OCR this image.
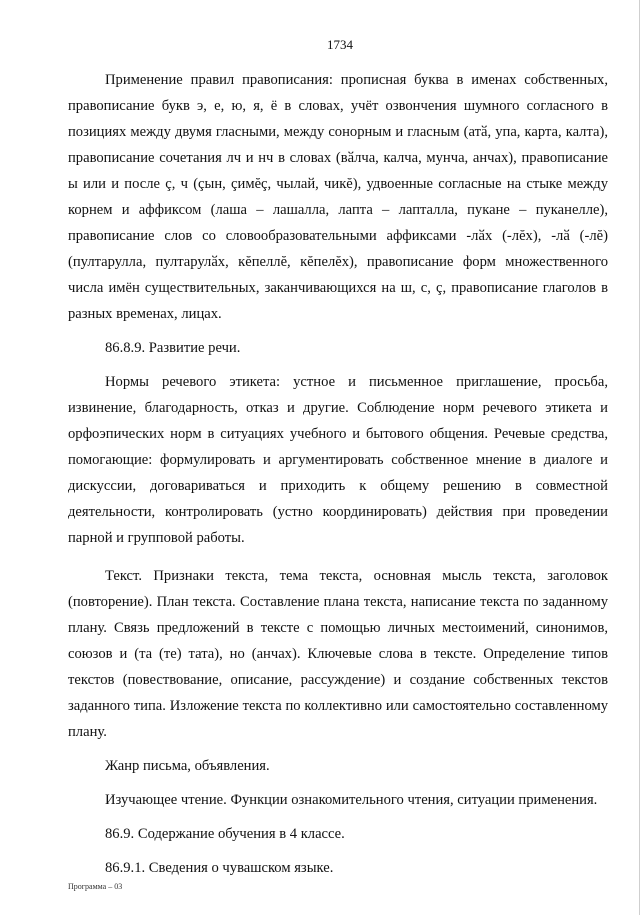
1734

Применение правил правописания: прописная буква в именах собственных, правописание букв э, е, ю, я, ё в словах, учёт озвончения шумного согласного в позициях между двумя гласными, между сонорным и гласным (атӑ, упа, карта, калта), правописание сочетания лч и нч в словах (вӑлча, калча, мунча, анчах), правописание ы или и после ç, ч (çын, çимĕç, чылай, чикĕ), удвоенные согласные на стыке между корнем и аффиксом (лаша – лашалла, лапта – лапталла, пукане – пуканелле), правописание слов со словообразовательными аффиксами -лӑх (-лĕх), -лӑ (-лĕ) (пултарулла, пултарулӑх, кĕпеллĕ, кĕпелĕх), правописание форм множественного числа имён существительных, заканчивающихся на ш, с, ç, правописание глаголов в разных временах, лицах.

86.8.9. Развитие речи.

Нормы речевого этикета: устное и письменное приглашение, просьба, извинение, благодарность, отказ и другие. Соблюдение норм речевого этикета и орфоэпических норм в ситуациях учебного и бытового общения. Речевые средства, помогающие: формулировать и аргументировать собственное мнение в диалоге и дискуссии, договариваться и приходить к общему решению в совместной деятельности, контролировать (устно координировать) действия при проведении парной и групповой работы.

Текст. Признаки текста, тема текста, основная мысль текста, заголовок (повторение). План текста. Составление плана текста, написание текста по заданному плану. Связь предложений в тексте с помощью личных местоимений, синонимов, союзов и (та (те) тата), но (анчах). Ключевые слова в тексте. Определение типов текстов (повествование, описание, рассуждение) и создание собственных текстов заданного типа. Изложение текста по коллективно или самостоятельно составленному плану.

Жанр письма, объявления.

Изучающее чтение. Функции ознакомительного чтения, ситуации применения.

86.9. Содержание обучения в 4 классе.

86.9.1. Сведения о чувашском языке.

Программа – 03
